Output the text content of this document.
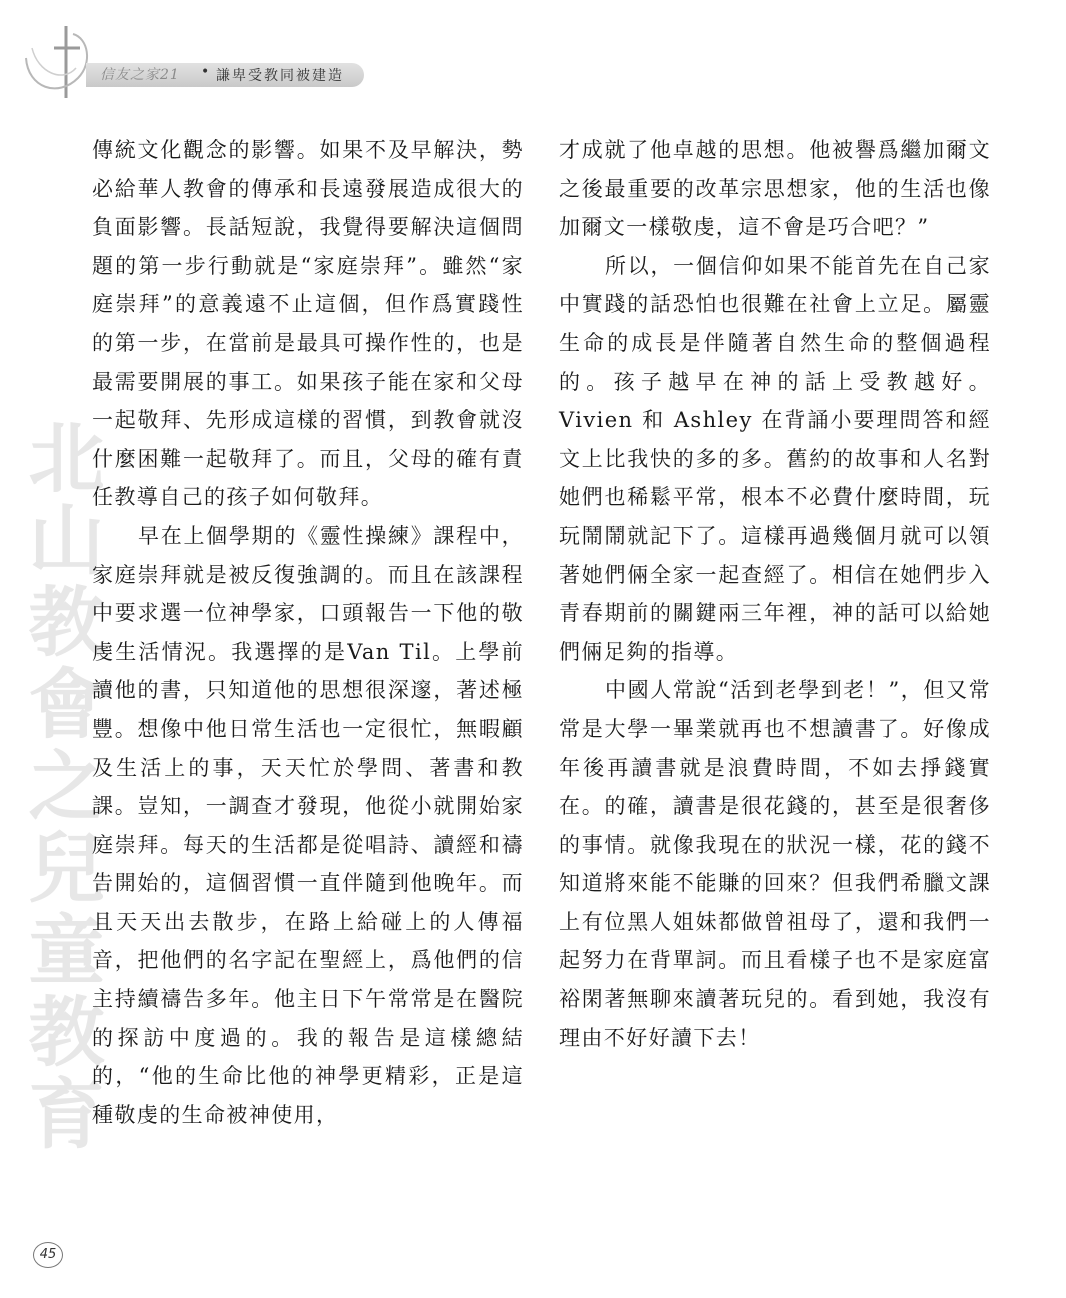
信友之家21 • 謙卑受教同被建造
北山教會之兒童教育

傳統文化觀念的影響。如果不及早解決，勢必給華人教會的傳承和長遠發展造成很大的負面影響。長話短說，我覺得要解決這個問題的第一步行動就是“家庭崇拜”。雖然“家庭崇拜”的意義遠不止這個，但作爲實踐性的第一步，在當前是最具可操作性的，也是最需要開展的事工。如果孩子能在家和父母一起敬拜、先形成這樣的習慣，到教會就沒什麼困難一起敬拜了。而且，父母的確有責任教導自己的孩子如何敬拜。

早在上個學期的《靈性操練》課程中，家庭崇拜就是被反復強調的。而且在該課程中要求選一位神學家，口頭報告一下他的敬虔生活情況。我選擇的是Van Til。上學前讀他的書，只知道他的思想很深邃，著述極豐。想像中他日常生活也一定很忙，無暇顧及生活上的事，天天忙於學問、著書和教課。豈知，一調查才發現，他從小就開始家庭崇拜。每天的生活都是從唱詩、讀經和禱告開始的，這個習慣一直伴隨到他晚年。而且天天出去散步，在路上給碰上的人傳福音，把他們的名字記在聖經上，爲他們的信主持續禱告多年。他主日下午常常是在醫院的探訪中度過的。我的報告是這樣總結的，“他的生命比他的神學更精彩，正是這種敬虔的生命被神使用，

才成就了他卓越的思想。他被譽爲繼加爾文之後最重要的改革宗思想家，他的生活也像加爾文一樣敬虔，這不會是巧合吧？”

所以，一個信仰如果不能首先在自己家中實踐的話恐怕也很難在社會上立足。屬靈生命的成長是伴隨著自然生命的整個過程的。孩子越早在神的話上受教越好。Vivien 和 Ashley 在背誦小要理問答和經文上比我快的多的多。舊約的故事和人名對她們也稀鬆平常，根本不必費什麼時間，玩玩鬧鬧就記下了。這樣再過幾個月就可以領著她們倆全家一起查經了。相信在她們步入青春期前的關鍵兩三年裡，神的話可以給她們倆足夠的指導。

中國人常說“活到老學到老！”，但又常常是大學一畢業就再也不想讀書了。好像成年後再讀書就是浪費時間，不如去掙錢實在。的確，讀書是很花錢的，甚至是很奢侈的事情。就像我現在的狀況一樣，花的錢不知道將來能不能賺的回來？但我們希臘文課上有位黑人姐妹都做曾祖母了，還和我們一起努力在背單詞。而且看樣子也不是家庭富裕閑著無聊來讀著玩兒的。看到她，我沒有理由不好好讀下去！

45
